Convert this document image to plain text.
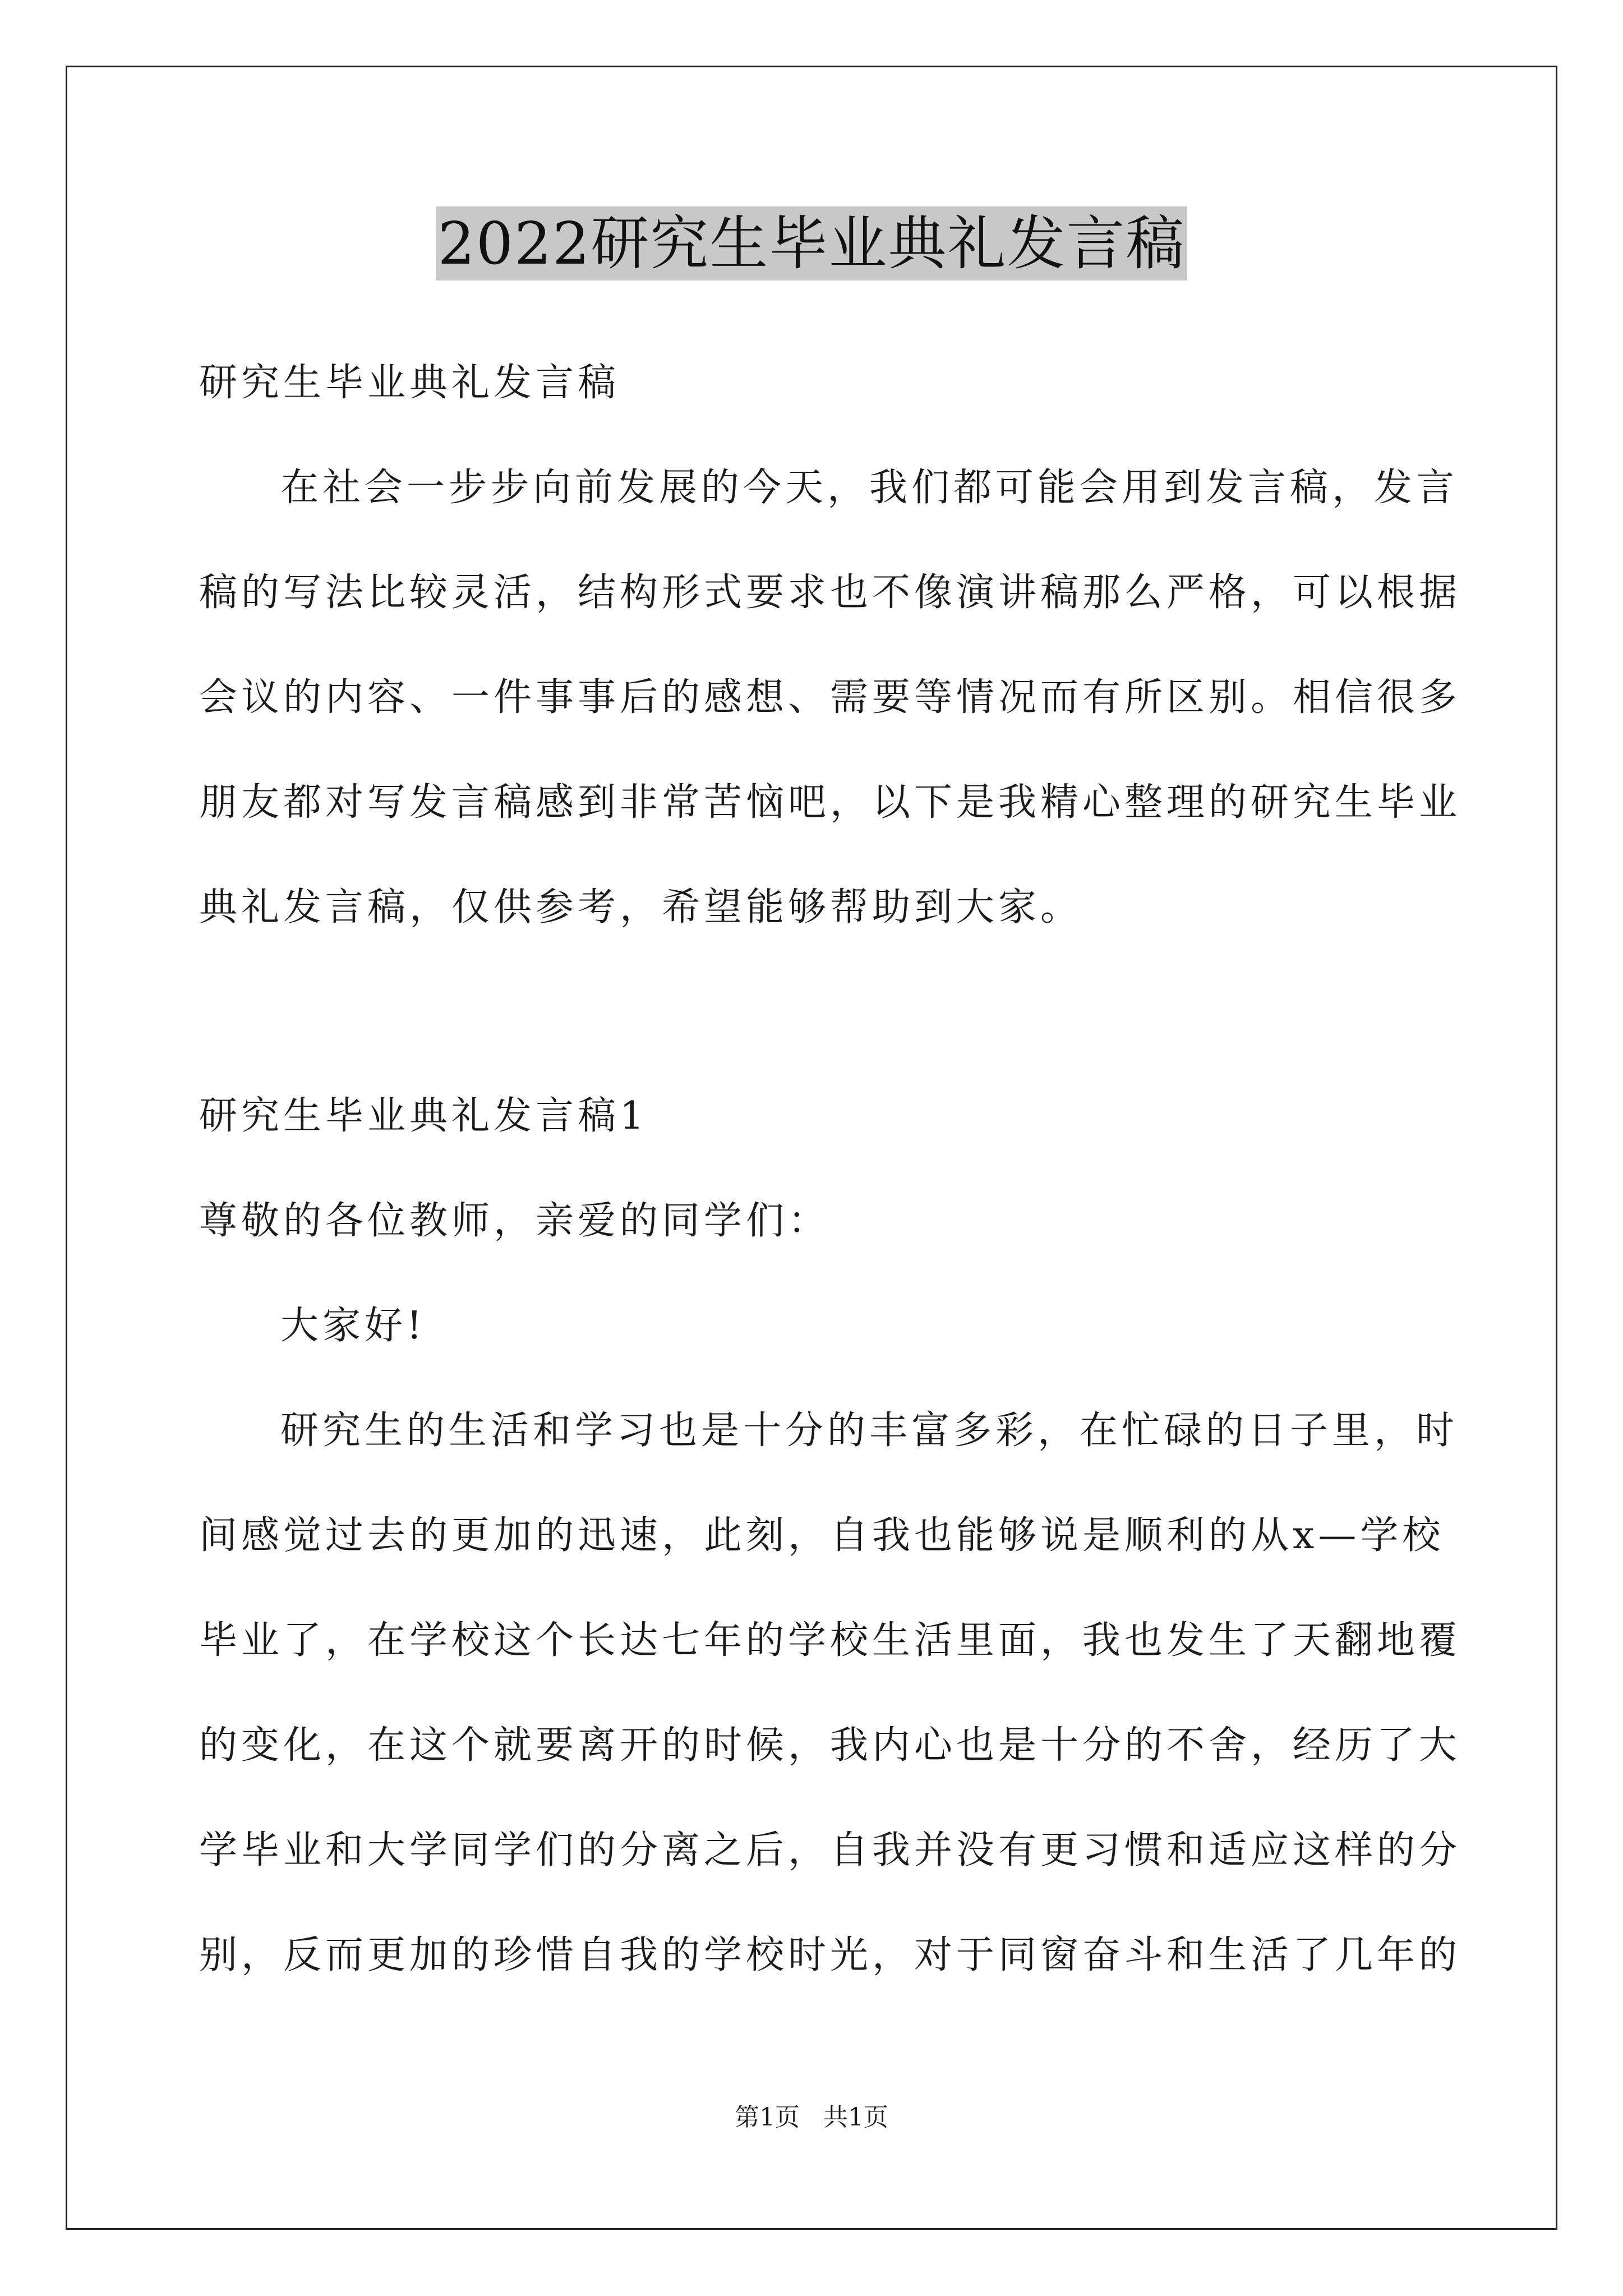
2022研究生毕业典礼发言稿
研究生毕业典礼发言稿
在社会一步步向前发展的今天，我们都可能会用到发言稿，发言
稿的写法比较灵活，结构形式要求也不像演讲稿那么严格，可以根据
会议的内容、一件事事后的感想、需要等情况而有所区别。相信很多
朋友都对写发言稿感到非常苦恼吧，以下是我精心整理的研究生毕业
典礼发言稿，仅供参考，希望能够帮助到大家。
研究生毕业典礼发言稿1
尊敬的各位教师，亲爱的同学们：
大家好!
研究生的生活和学习也是十分的丰富多彩，在忙碌的日子里，时
间感觉过去的更加的迅速，此刻，自我也能够说是顺利的从x—学校
毕业了，在学校这个长达七年的学校生活里面，我也发生了天翻地覆
的变化，在这个就要离开的时候，我内心也是十分的不舍，经历了大
学毕业和大学同学们的分离之后，自我并没有更习惯和适应这样的分
别，反而更加的珍惜自我的学校时光，对于同窗奋斗和生活了几年的
第1页 共1页
